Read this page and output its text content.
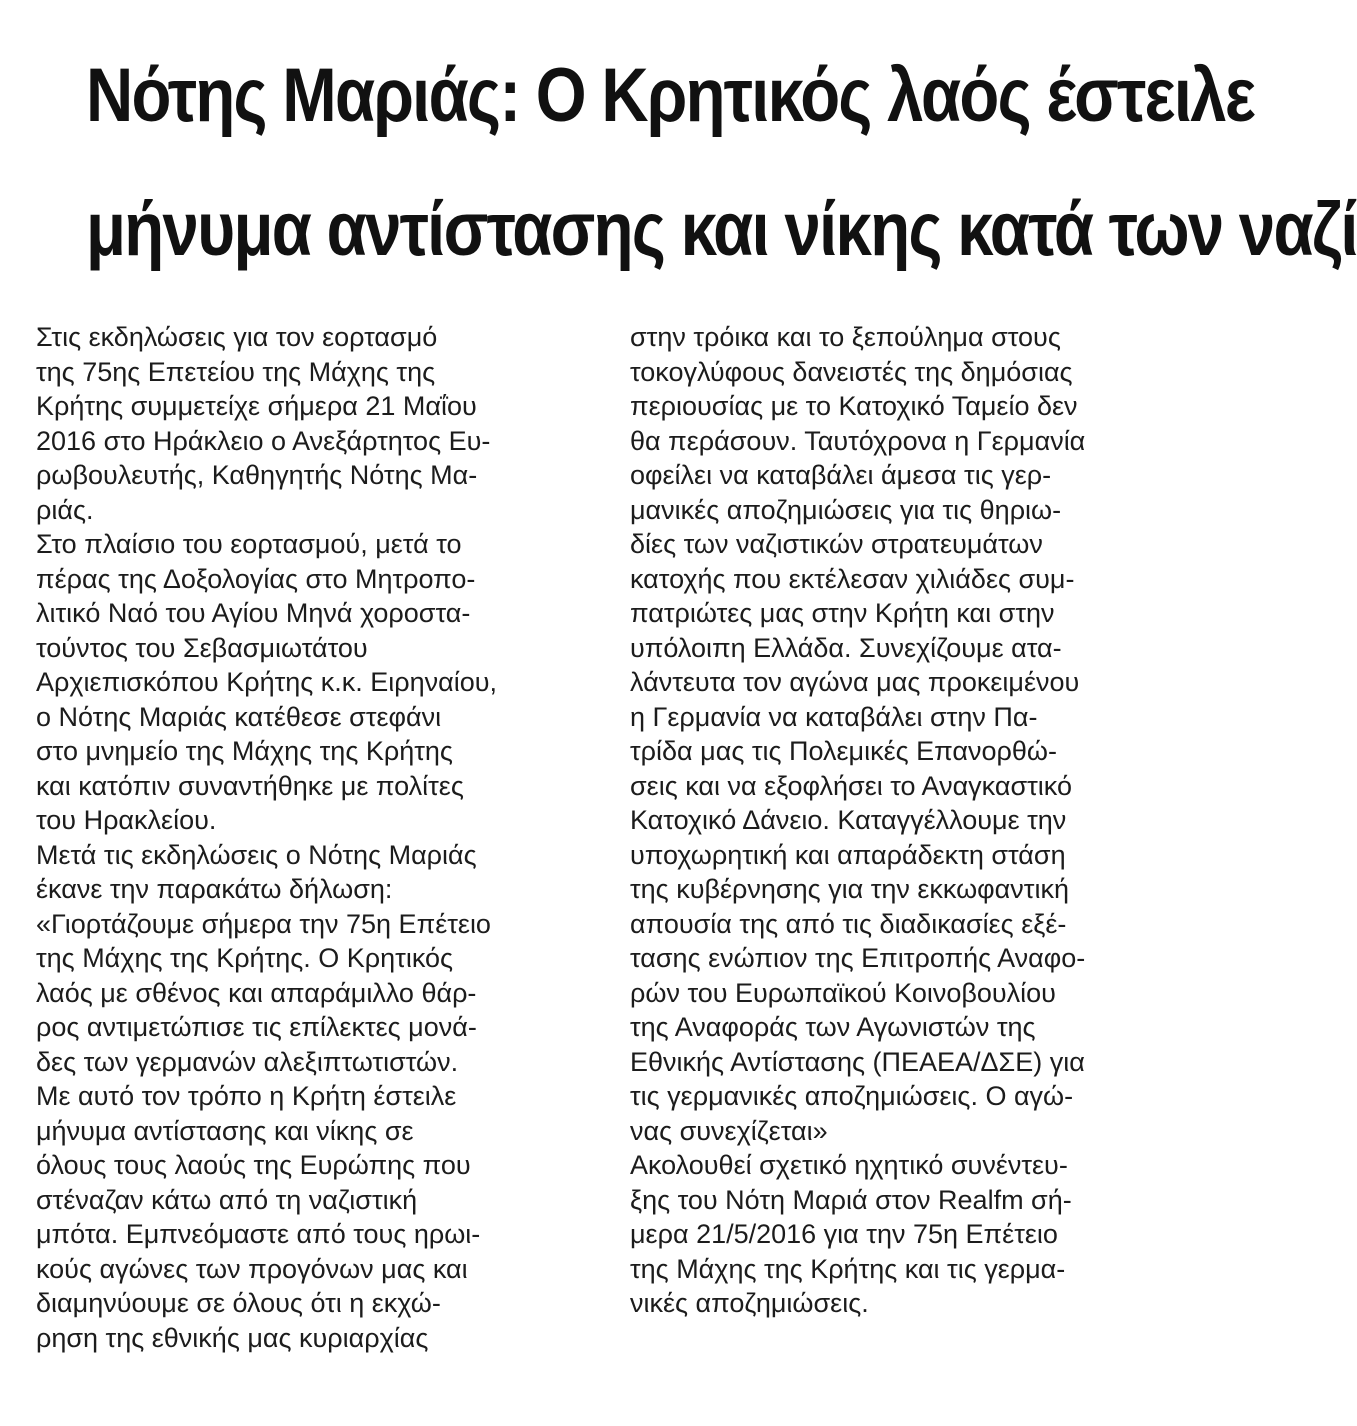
Νότης Μαριάς: Ο Κρητικός λαός έστειλε
μήνυμα αντίστασης και νίκης κατά των ναζί
Στις εκδηλώσεις για τον εορτασμό
της 75ης Επετείου της Μάχης της
Κρήτης συμμετείχε σήμερα 21 Μαΐου
2016 στο Ηράκλειο ο Ανεξάρτητος Ευ-
ρωβουλευτής, Καθηγητής Νότης Μα-
ριάς.
Στο πλαίσιο του εορτασμού, μετά το
πέρας της Δοξολογίας στο Μητροπο-
λιτικό Ναό του Αγίου Μηνά χοροστα-
τούντος του Σεβασμιωτάτου
Αρχιεπισκόπου Κρήτης κ.κ. Ειρηναίου,
ο Νότης Μαριάς κατέθεσε στεφάνι
στο μνημείο της Μάχης της Κρήτης
και κατόπιν συναντήθηκε με πολίτες
του Ηρακλείου.
Μετά τις εκδηλώσεις ο Νότης Μαριάς
έκανε την παρακάτω δήλωση:
«Γιορτάζουμε σήμερα την 75η Επέτειο
της Μάχης της Κρήτης. Ο Κρητικός
λαός με σθένος και απαράμιλλο θάρ-
ρος αντιμετώπισε τις επίλεκτες μονά-
δες των γερμανών αλεξιπτωτιστών.
Με αυτό τον τρόπο η Κρήτη έστειλε
μήνυμα αντίστασης και νίκης σε
όλους τους λαούς της Ευρώπης που
στέναζαν κάτω από τη ναζιστική
μπότα. Εμπνεόμαστε από τους ηρωι-
κούς αγώνες των προγόνων μας και
διαμηνύουμε σε όλους ότι η εκχώ-
ρηση της εθνικής μας κυριαρχίας
στην τρόικα και το ξεπούλημα στους
τοκογλύφους δανειστές της δημόσιας
περιουσίας με το Κατοχικό Ταμείο δεν
θα περάσουν. Ταυτόχρονα η Γερμανία
οφείλει να καταβάλει άμεσα τις γερ-
μανικές αποζημιώσεις για τις θηριω-
δίες των ναζιστικών στρατευμάτων
κατοχής που εκτέλεσαν χιλιάδες συμ-
πατριώτες μας στην Κρήτη και στην
υπόλοιπη Ελλάδα. Συνεχίζουμε ατα-
λάντευτα τον αγώνα μας προκειμένου
η Γερμανία να καταβάλει στην Πα-
τρίδα μας τις Πολεμικές Επανορθώ-
σεις και να εξοφλήσει το Αναγκαστικό
Κατοχικό Δάνειο. Καταγγέλλουμε την
υποχωρητική και απαράδεκτη στάση
της κυβέρνησης για την εκκωφαντική
απουσία της από τις διαδικασίες εξέ-
τασης ενώπιον της Επιτροπής Αναφο-
ρών του Ευρωπαϊκού Κοινοβουλίου
της Αναφοράς των Αγωνιστών της
Εθνικής Αντίστασης (ΠΕΑΕΑ/ΔΣΕ) για
τις γερμανικές αποζημιώσεις. Ο αγώ-
νας συνεχίζεται»
Ακολουθεί σχετικό ηχητικό συνέντευ-
ξης του Νότη Μαριά στον Realfm σή-
μερα 21/5/2016 για την 75η Επέτειο
της Μάχης της Κρήτης και τις γερμα-
νικές αποζημιώσεις.
